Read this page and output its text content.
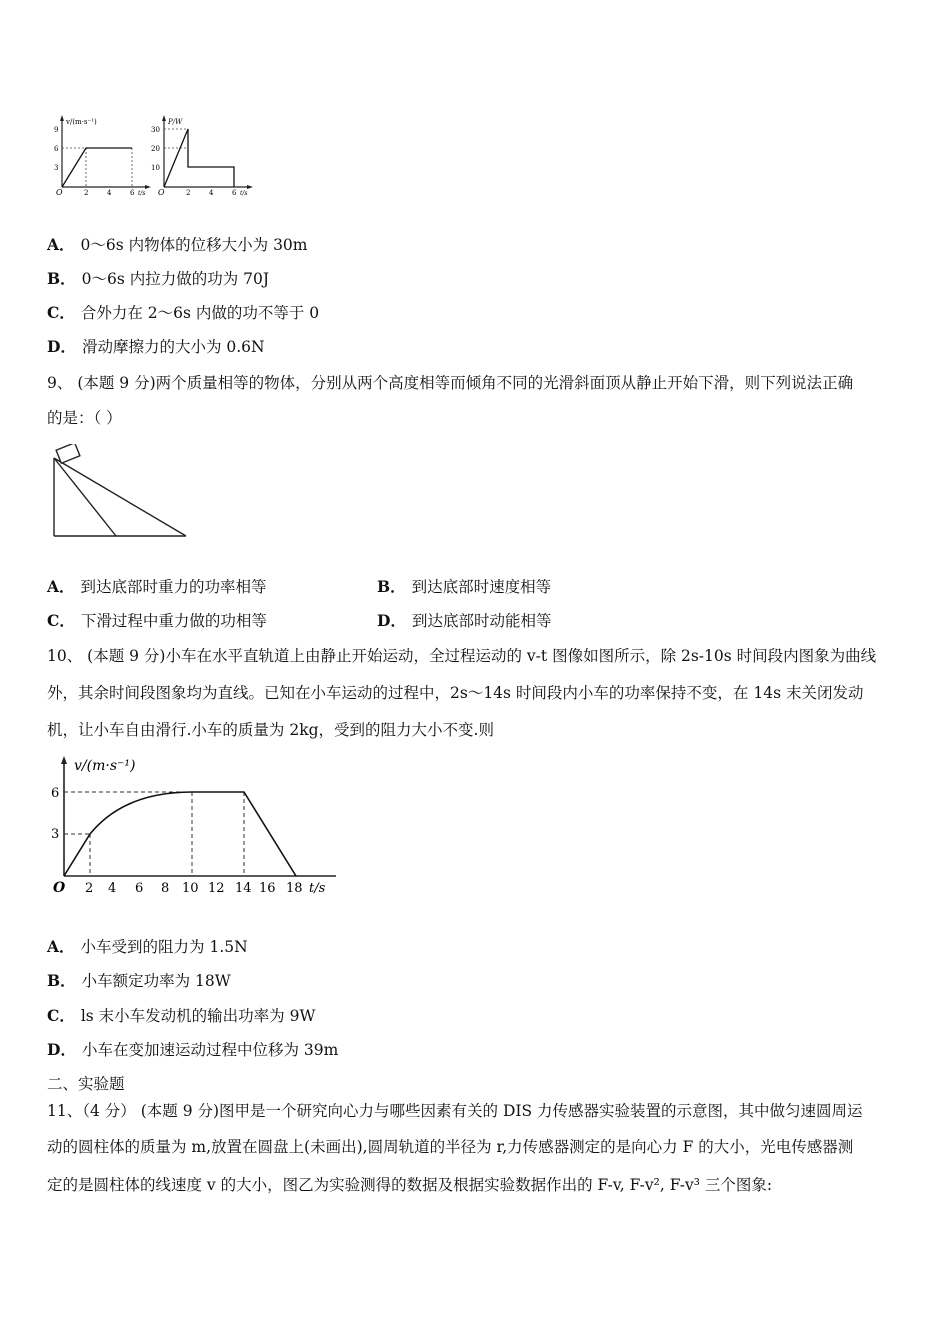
v/(m·s⁻¹)
9
6
3
O	2	4	6 t/s
P/W
30
20
10
O	2	4	6 t/s
A． 0～6s 内物体的位移大小为 30m
B． 0～6s 内拉力做的功为 70J
C． 合外力在 2～6s 内做的功不等于 0
D． 滑动摩擦力的大小为 0.6N
9、 (本题 9 分)两个质量相等的物体，分别从两个高度相等而倾角不同的光滑斜面顶从静止开始下滑，则下列说法正确
的是：（ ）
A． 到达底部时重力的功率相等	B． 到达底部时速度相等
C． 下滑过程中重力做的功相等	D． 到达底部时动能相等
10、 (本题 9 分)小车在水平直轨道上由静止开始运动，全过程运动的 v-t 图像如图所示，除 2s-10s 时间段内图象为曲线
外，其余时间段图象均为直线。已知在小车运动的过程中，2s～14s 时间段内小车的功率保持不变，在 14s 末关闭发动
机，让小车自由滑行.小车的质量为 2kg，受到的阻力大小不变.则
v/(m·s⁻¹)
6
3
O 2 4 6 8 10 12 14 16 18 t/s
A． 小车受到的阻力为 1.5N
B． 小车额定功率为 18W
C． ls 末小车发动机的输出功率为 9W
D． 小车在变加速运动过程中位移为 39m
二、实验题
11、（4 分） (本题 9 分)图甲是一个研究向心力与哪些因素有关的 DIS 力传感器实验装置的示意图，其中做匀速圆周运
动的圆柱体的质量为 m,放置在圆盘上(未画出),圆周轨道的半径为 r,力传感器测定的是向心力 F 的大小，光电传感器测
定的是圆柱体的线速度 v 的大小，图乙为实验测得的数据及根据实验数据作出的 F-v, F-v², F-v³ 三个图象:
